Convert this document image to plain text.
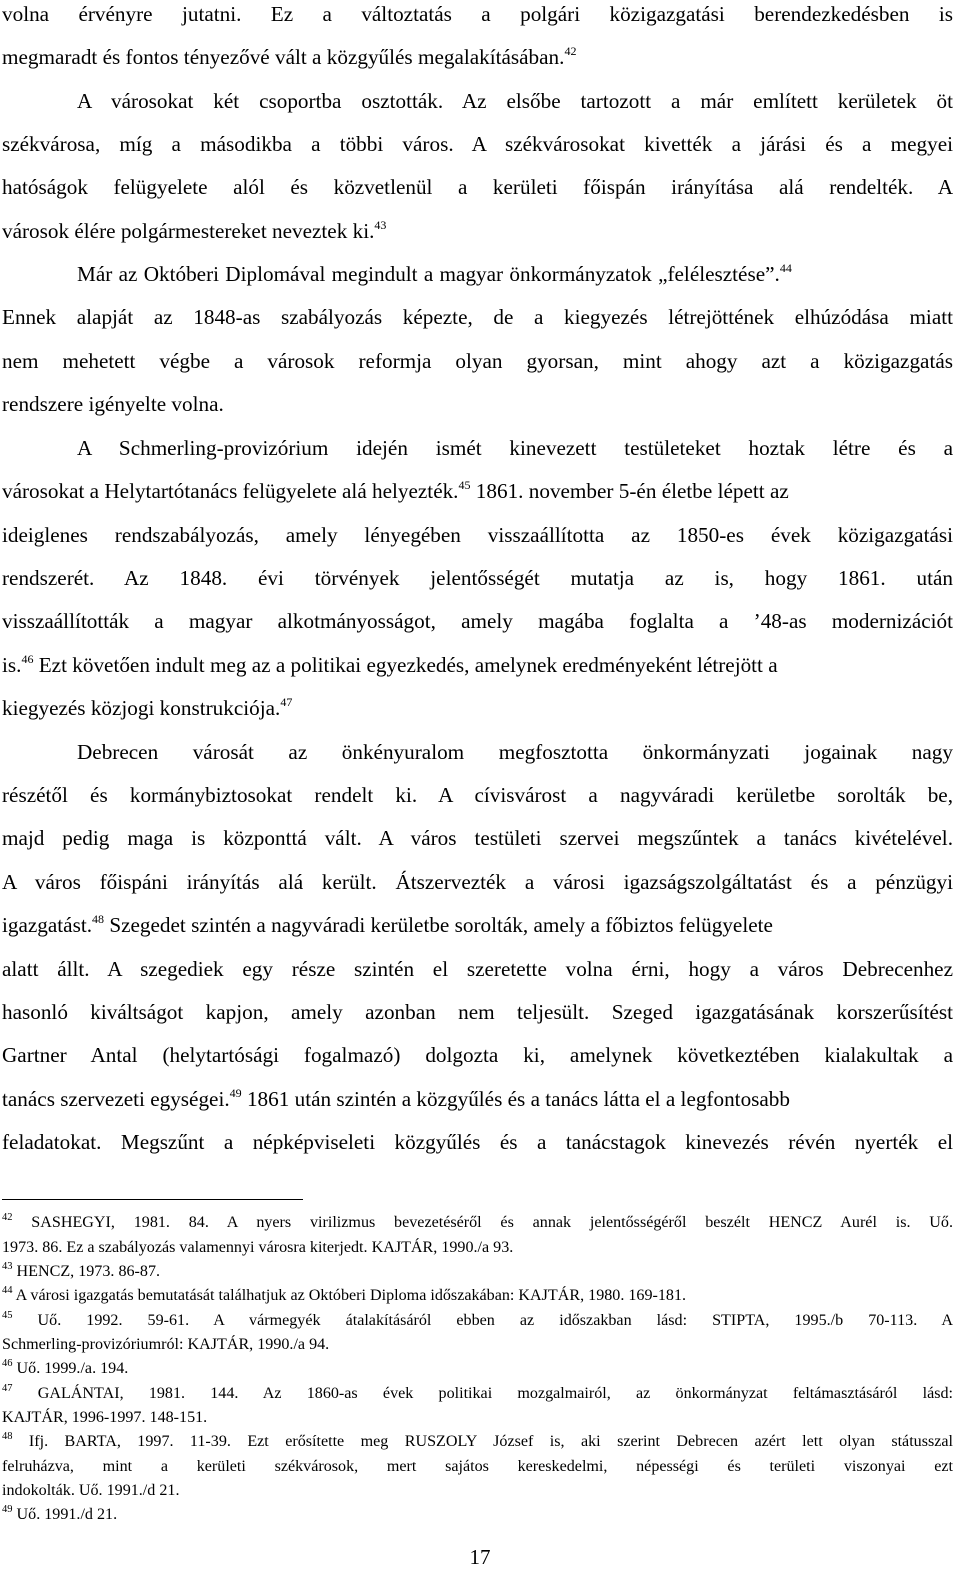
volna érvényre jutatni. Ez a változtatás a polgári közigazgatási berendezkedésben is
megmaradt és fontos tényezővé vált a közgyűlés megalakításában.$^{42}$
A városokat két csoportba osztották. Az elsőbe tartozott a már említett kerületek öt
székvárosa, míg a másodikba a többi város. A székvárosokat kivették a járási és a megyei
hatóságok felügyelete alól és közvetlenül a kerületi főispán irányítása alá rendelték. A
városok élére polgármestereket neveztek ki.$^{43}$
Már az Októberi Diplomával megindult a magyar önkormányzatok „felélesztése”.$^{44}$
Ennek alapját az 1848-as szabályozás képezte, de a kiegyezés létrejöttének elhúzódása miatt
nem mehetett végbe a városok reformja olyan gyorsan, mint ahogy azt a közigazgatás
rendszere igényelte volna.
A Schmerling-provizórium idején ismét kinevezett testületeket hoztak létre és a
városokat a Helytartótanács felügyelete alá helyezték.$^{45}$ 1861. november 5-én életbe lépett az
ideiglenes rendszabályozás, amely lényegében visszaállította az 1850-es évek közigazgatási
rendszerét. Az 1848. évi törvények jelentősségét mutatja az is, hogy 1861. után
visszaállították a magyar alkotmányosságot, amely magába foglalta a ’48-as modernizációt
is.$^{46}$ Ezt követően indult meg az a politikai egyezkedés, amelynek eredményeként létrejött a
kiegyezés közjogi konstrukciója.$^{47}$
Debrecen városát az önkényuralom megfosztotta önkormányzati jogainak nagy
részétől és kormánybiztosokat rendelt ki. A cívisvárost a nagyváradi kerületbe sorolták be,
majd pedig maga is központtá vált. A város testületi szervei megszűntek a tanács kivételével.
A város főispáni irányítás alá került. Átszervezték a városi igazságszolgáltatást és a pénzügyi
igazgatást.$^{48}$ Szegedet szintén a nagyváradi kerületbe sorolták, amely a főbiztos felügyelete
alatt állt. A szegediek egy része szintén el szeretette volna érni, hogy a város Debrecenhez
hasonló kiváltságot kapjon, amely azonban nem teljesült. Szeged igazgatásának korszerűsítést
Gartner Antal (helytartósági fogalmazó) dolgozta ki, amelynek következtében kialakultak a
tanács szervezeti egységei.$^{49}$ 1861 után szintén a közgyűlés és a tanács látta el a legfontosabb
feladatokat. Megszűnt a népképviseleti közgyűlés és a tanácstagok kinevezés révén nyerték el
$^{42}$ SASHEGYI, 1981. 84. A nyers virilizmus bevezetéséről és annak jelentősségéről beszélt HENCZ Aurél is. Uő.
1973. 86. Ez a szabályozás valamennyi városra kiterjedt. KAJTÁR, 1990./a 93.
$^{43}$ HENCZ, 1973. 86-87.
$^{44}$ A városi igazgatás bemutatását találhatjuk az Októberi Diploma időszakában: KAJTÁR, 1980. 169-181.
$^{45}$ Uő. 1992. 59-61. A vármegyék átalakításáról ebben az időszakban lásd: STIPTA, 1995./b 70-113. A
Schmerling-provizóriumról: KAJTÁR, 1990./a 94.
$^{46}$ Uő. 1999./a. 194.
$^{47}$ GALÁNTAI, 1981. 144. Az 1860-as évek politikai mozgalmairól, az önkormányzat feltámasztásáról lásd:
KAJTÁR, 1996-1997. 148-151.
$^{48}$ Ifj. BARTA, 1997. 11-39. Ezt erősítette meg RUSZOLY József is, aki szerint Debrecen azért lett olyan státusszal
felruházva, mint a kerületi székvárosok, mert sajátos kereskedelmi, népességi és területi viszonyai ezt
indokolták. Uő. 1991./d 21.
$^{49}$ Uő. 1991./d 21.
17
